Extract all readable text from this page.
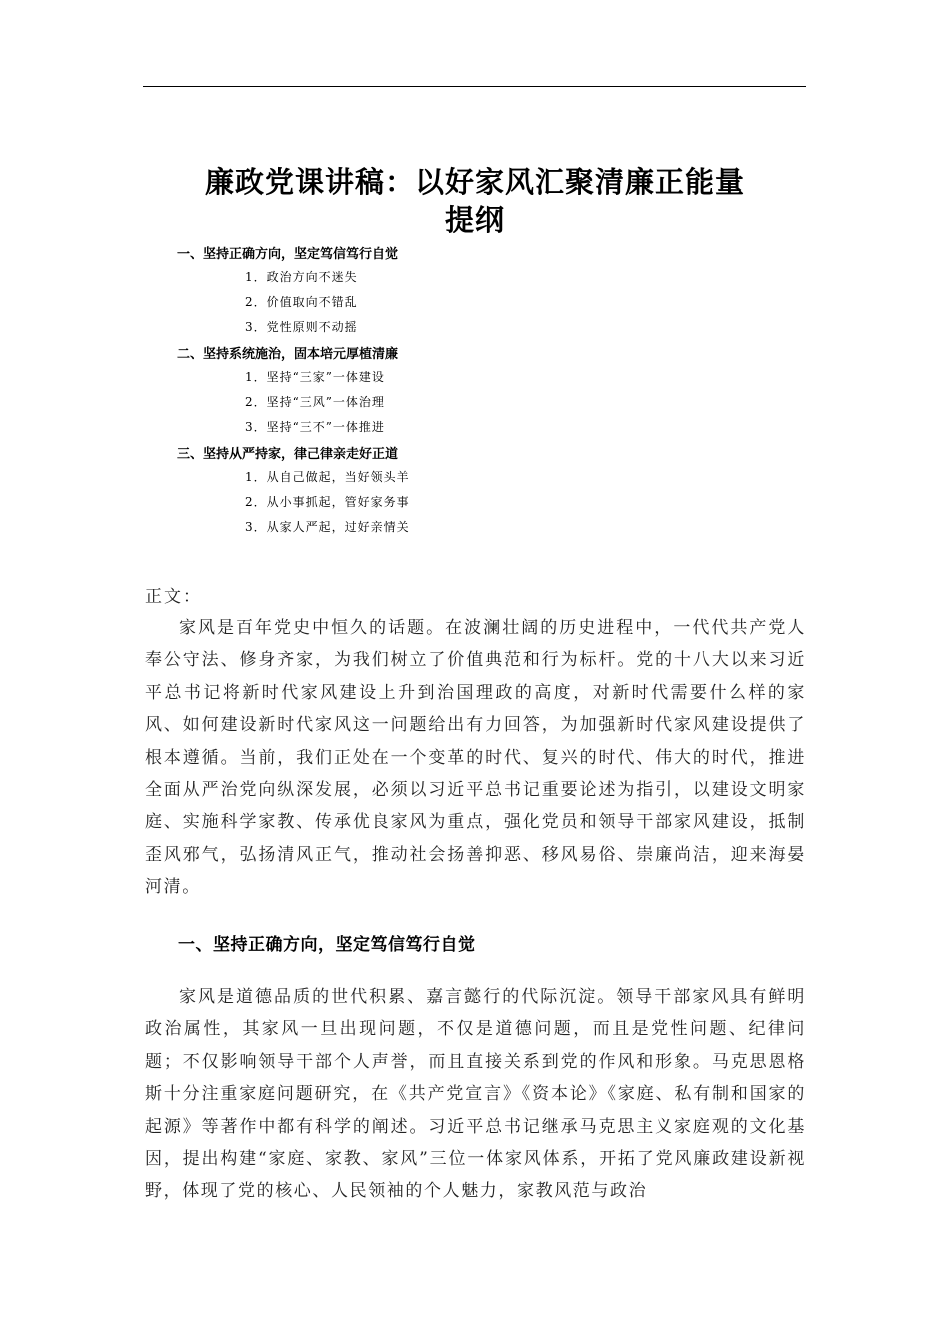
廉政党课讲稿：以好家风汇聚清廉正能量
提纲
一、坚持正确方向，坚定笃信笃行自觉
1．政治方向不迷失
2．价值取向不错乱
3．党性原则不动摇
二、坚持系统施治，固本培元厚植清廉
1．坚持“三家”一体建设
2．坚持“三风”一体治理
3．坚持“三不”一体推进
三、坚持从严持家，律己律亲走好正道
1．从自己做起，当好领头羊
2．从小事抓起，管好家务事
3．从家人严起，过好亲情关
正文：

家风是百年党史中恒久的话题。在波澜壮阔的历史进程中，一代代共产党人奉公守法、修身齐家，为我们树立了价值典范和行为标杆。党的十八大以来习近平总书记将新时代家风建设上升到治国理政的高度，对新时代需要什么样的家风、如何建设新时代家风这一问题给出有力回答，为加强新时代家风建设提供了根本遵循。当前，我们正处在一个变革的时代、复兴的时代、伟大的时代，推进全面从严治党向纵深发展，必须以习近平总书记重要论述为指引，以建设文明家庭、实施科学家教、传承优良家风为重点，强化党员和领导干部家风建设，抵制歪风邪气，弘扬清风正气，推动社会扬善抑恶、移风易俗、崇廉尚洁，迎来海晏河清。

一、坚持正确方向，坚定笃信笃行自觉

家风是道德品质的世代积累、嘉言懿行的代际沉淀。领导干部家风具有鲜明政治属性，其家风一旦出现问题，不仅是道德问题，而且是党性问题、纪律问题；不仅影响领导干部个人声誉，而且直接关系到党的作风和形象。马克思恩格斯十分注重家庭问题研究，在《共产党宣言》《资本论》《家庭、私有制和国家的起源》等著作中都有科学的阐述。习近平总书记继承马克思主义家庭观的文化基因，提出构建“家庭、家教、家风”三位一体家风体系，开拓了党风廉政建设新视野，体现了党的核心、人民领袖的个人魅力，家教风范与政治
